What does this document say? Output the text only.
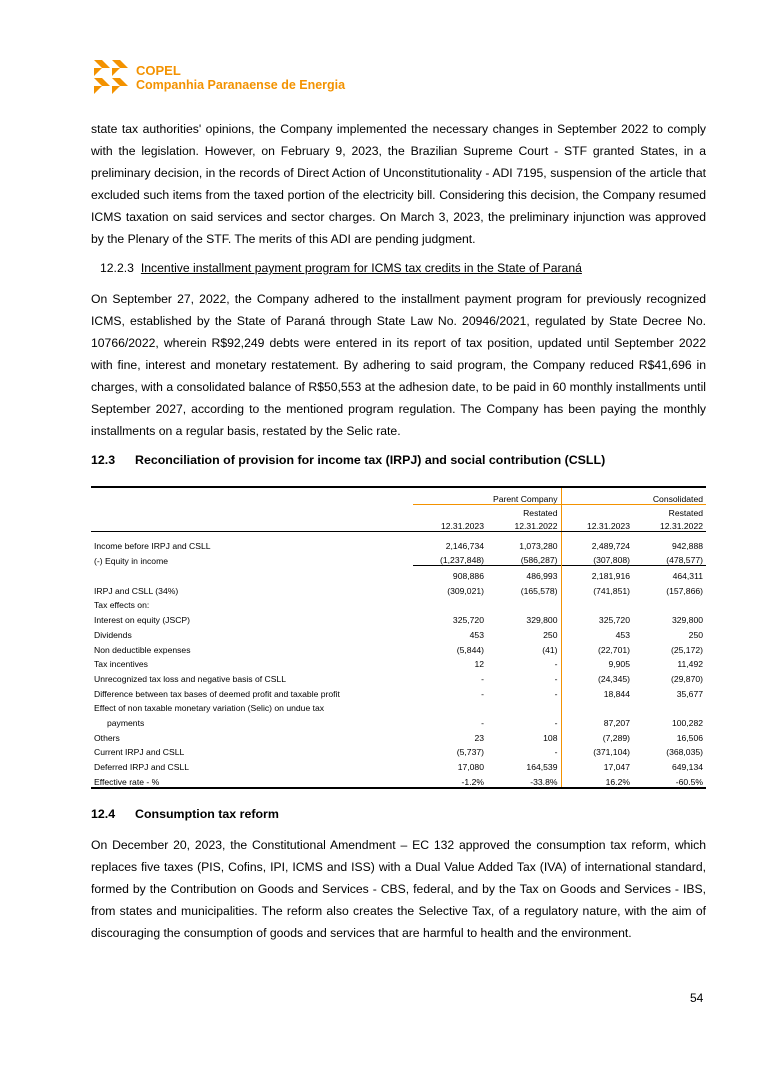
COPEL
Companhia Paranaense de Energia
state tax authorities' opinions, the Company implemented the necessary changes in September 2022 to comply with the legislation. However, on February 9, 2023, the Brazilian Supreme Court - STF granted States, in a preliminary decision, in the records of Direct Action of Unconstitutionality - ADI 7195, suspension of the article that excluded such items from the taxed portion of the electricity bill. Considering this decision, the Company resumed ICMS taxation on said services and sector charges. On March 3, 2023, the preliminary injunction was approved by the Plenary of the STF. The merits of this ADI are pending judgment.
12.2.3 Incentive installment payment program for ICMS tax credits in the State of Paraná
On September 27, 2022, the Company adhered to the installment payment program for previously recognized ICMS, established by the State of Paraná through State Law No. 20946/2021, regulated by State Decree No. 10766/2022, wherein R$92,249 debts were entered in its report of tax position, updated until September 2022 with fine, interest and monetary restatement. By adhering to said program, the Company reduced R$41,696 in charges, with a consolidated balance of R$50,553 at the adhesion date, to be paid in 60 monthly installments until September 2027, according to the mentioned program regulation. The Company has been paying the monthly installments on a regular basis, restated by the Selic rate.
12.3 Reconciliation of provision for income tax (IRPJ) and social contribution (CSLL)
	Parent Company		Consolidated	
		Restated		Restated
	12.31.2023	12.31.2022	12.31.2023	12.31.2022

Income before IRPJ and CSLL	2,146,734	1,073,280	2,489,724	942,888
(-) Equity in income	(1,237,848)	(586,287)	(307,808)	(478,577)
	908,886	486,993	2,181,916	464,311
IRPJ and CSLL (34%)	(309,021)	(165,578)	(741,851)	(157,866)
Tax effects on:				
Interest on equity (JSCP)	325,720	329,800	325,720	329,800
Dividends	453	250	453	250
Non deductible expenses	(5,844)	(41)	(22,701)	(25,172)
Tax incentives	12	-	9,905	11,492
Unrecognized tax loss and negative basis of CSLL	-	-	(24,345)	(29,870)
Difference between tax bases of deemed profit and taxable profit	-	-	18,844	35,677
Effect of non taxable monetary variation (Selic) on undue tax				
payments	-	-	87,207	100,282
Others	23	108	(7,289)	16,506
Current IRPJ and CSLL	(5,737)	-	(371,104)	(368,035)
Deferred IRPJ and CSLL	17,080	164,539	17,047	649,134
Effective rate - %	-1.2%	-33.8%	16.2%	-60.5%
12.4 Consumption tax reform
On December 20, 2023, the Constitutional Amendment – EC 132 approved the consumption tax reform, which replaces five taxes (PIS, Cofins, IPI, ICMS and ISS) with a Dual Value Added Tax (IVA) of international standard, formed by the Contribution on Goods and Services - CBS, federal, and by the Tax on Goods and Services - IBS, from states and municipalities. The reform also creates the Selective Tax, of a regulatory nature, with the aim of discouraging the consumption of goods and services that are harmful to health and the environment.
54
